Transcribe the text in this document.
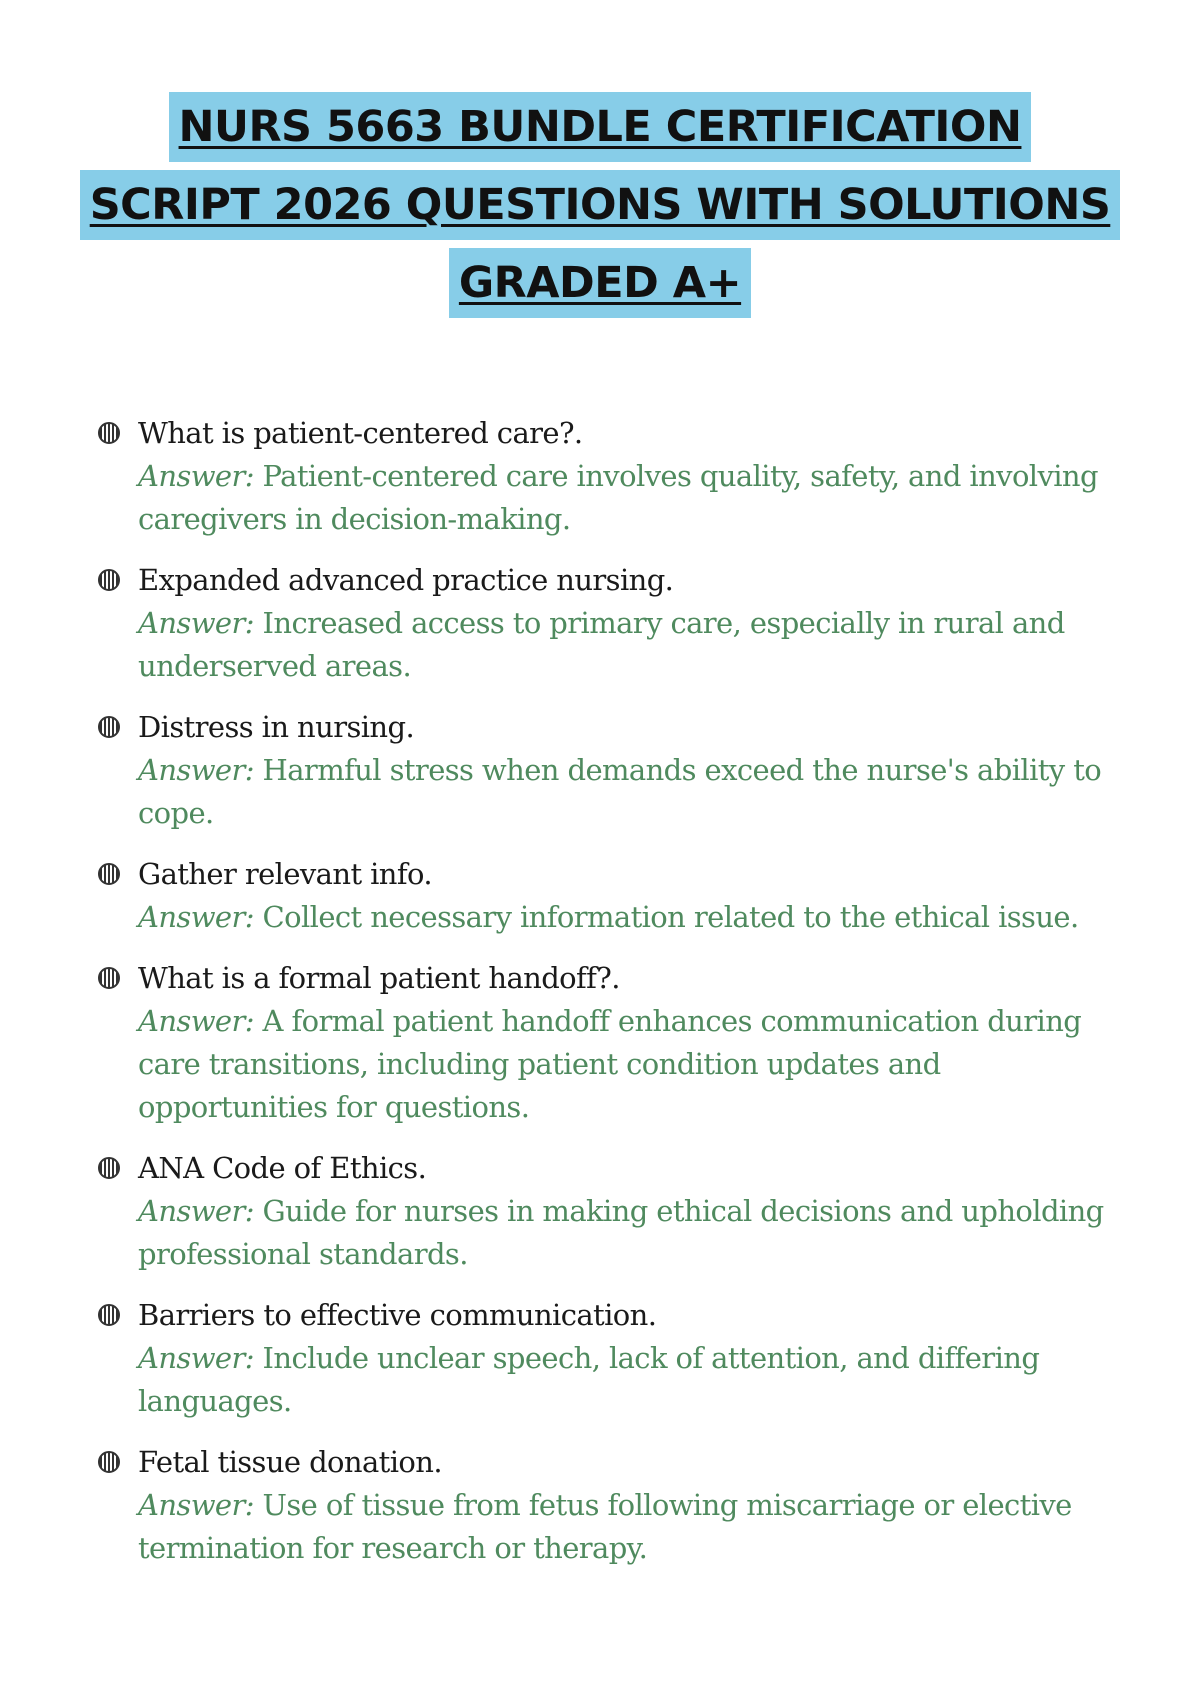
NURS 5663 BUNDLE CERTIFICATION
SCRIPT 2026 QUESTIONS WITH SOLUTIONS
GRADED A+

What is patient-centered care?.

Answer: Patient-centered care involves quality, safety, and involving caregivers in decision-making.

Expanded advanced practice nursing.

Answer: Increased access to primary care, especially in rural and underserved areas.

Distress in nursing.

Answer: Harmful stress when demands exceed the nurse's ability to cope.

Gather relevant info.

Answer: Collect necessary information related to the ethical issue.

What is a formal patient handoff?.

Answer: A formal patient handoff enhances communication during care transitions, including patient condition updates and opportunities for questions.

ANA Code of Ethics.

Answer: Guide for nurses in making ethical decisions and upholding professional standards.

Barriers to effective communication.

Answer: Include unclear speech, lack of attention, and differing languages.

Fetal tissue donation.

Answer: Use of tissue from fetus following miscarriage or elective termination for research or therapy.
